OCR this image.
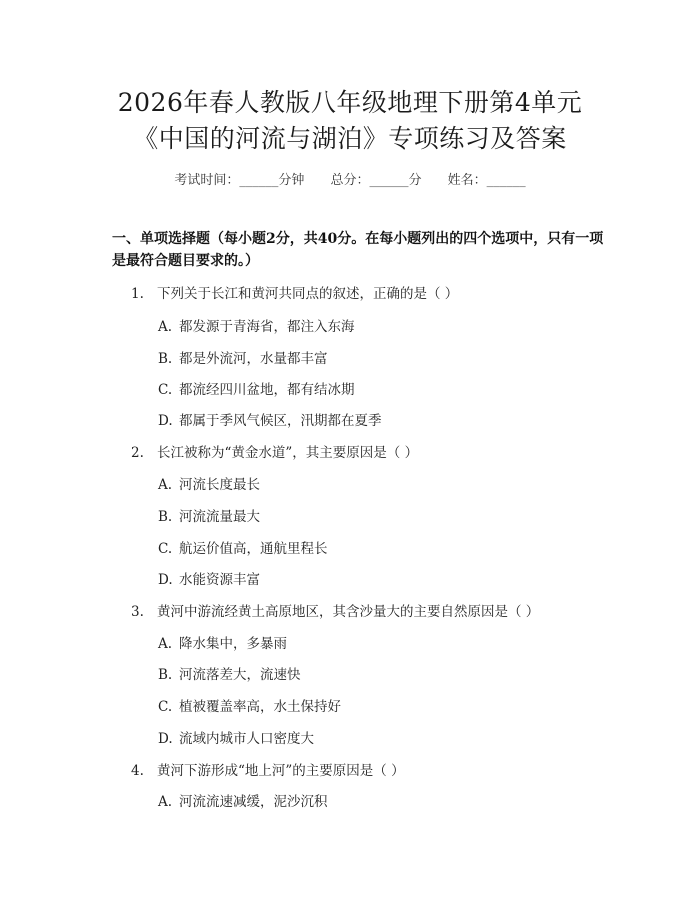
2026年春人教版八年级地理下册第4单元
《中国的河流与湖泊》专项练习及答案
考试时间：______分钟 总分：______分 姓名：______
一、单项选择题（每小题2分，共40分。在每小题列出的四个选项中，只有一项
是最符合题目要求的。）
1. 下列关于长江和黄河共同点的叙述，正确的是（ ）
A. 都发源于青海省，都注入东海
B. 都是外流河，水量都丰富
C. 都流经四川盆地，都有结冰期
D. 都属于季风气候区，汛期都在夏季
2. 长江被称为“黄金水道”，其主要原因是（ ）
A. 河流长度最长
B. 河流流量最大
C. 航运价值高，通航里程长
D. 水能资源丰富
3. 黄河中游流经黄土高原地区，其含沙量大的主要自然原因是（ ）
A. 降水集中，多暴雨
B. 河流落差大，流速快
C. 植被覆盖率高，水土保持好
D. 流域内城市人口密度大
4. 黄河下游形成“地上河”的主要原因是（ ）
A. 河流流速减缓，泥沙沉积
